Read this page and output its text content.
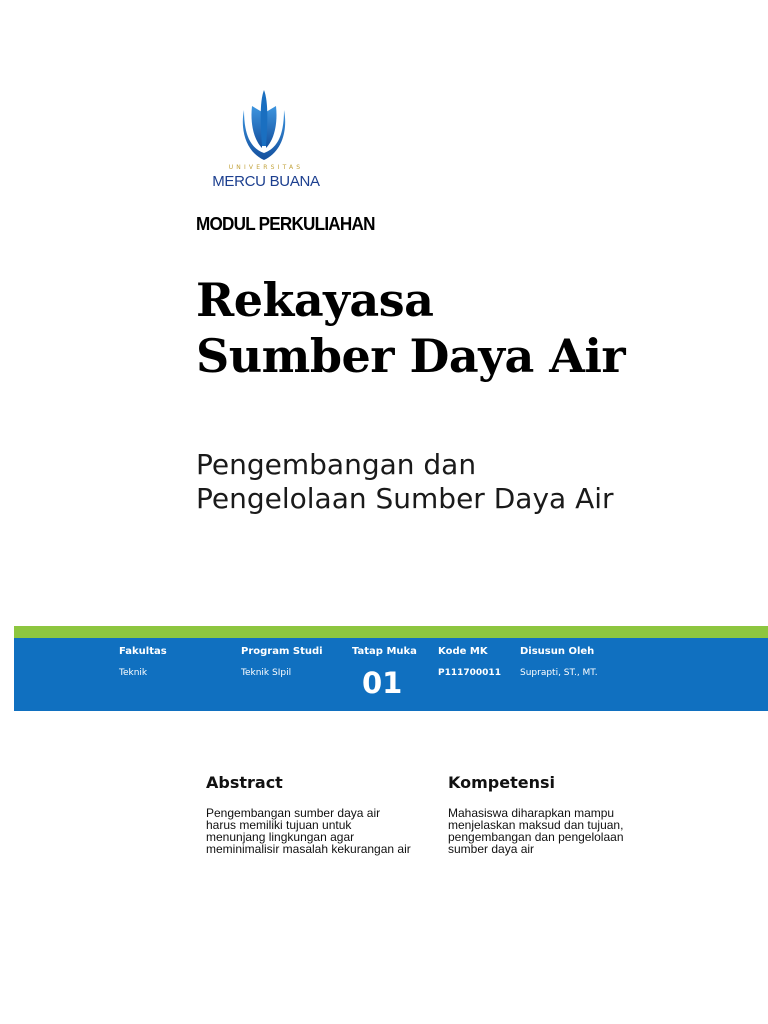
UNIVERSITAS
MERCU BUANA
MODUL PERKULIAHAN
Rekayasa
Sumber Daya Air
Pengembangan dan
Pengelolaan Sumber Daya Air
Fakultas
Teknik
Program Studi
Teknik SIpil
Tatap Muka
01
Kode MK
P111700011
Disusun Oleh
Suprapti, ST., MT.
Abstract
Pengembangan sumber daya air
harus memiliki tujuan untuk
menunjang lingkungan agar
meminimalisir masalah kekurangan air
Kompetensi
Mahasiswa diharapkan mampu
menjelaskan maksud dan tujuan,
pengembangan dan pengelolaan
sumber daya air
